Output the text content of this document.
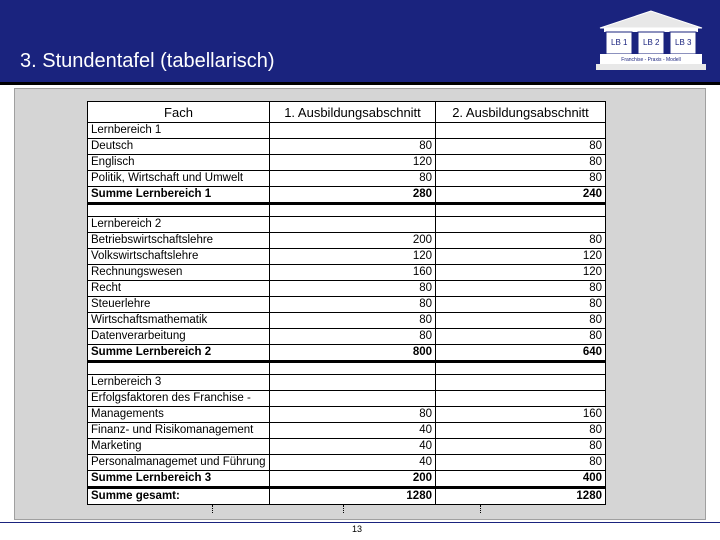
3. Stundentafel (tabellarisch)
LB 1 LB 2 LB 3
Franchise - Praxis - Modell
Fach	1. Ausbildungsabschnitt	2. Ausbildungsabschnitt
Lernbereich 1		
Deutsch	80	80
Englisch	120	80
Politik, Wirtschaft und Umwelt	80	80
Summe Lernbereich 1	280	240

Lernbereich 2		
Betriebswirtschaftslehre	200	80
Volkswirtschaftslehre	120	120
Rechnungswesen	160	120
Recht	80	80
Steuerlehre	80	80
Wirtschaftsmathematik	80	80
Datenverarbeitung	80	80
Summe Lernbereich 2	800	640

Lernbereich 3		
Erfolgsfaktoren des Franchise -		
Managements	80	160
Finanz- und Risikomanagement	40	80
Marketing	40	80
Personalmanagemet und Führung	40	80
Summe Lernbereich 3	200	400
Summe gesamt:	1280	1280
13
